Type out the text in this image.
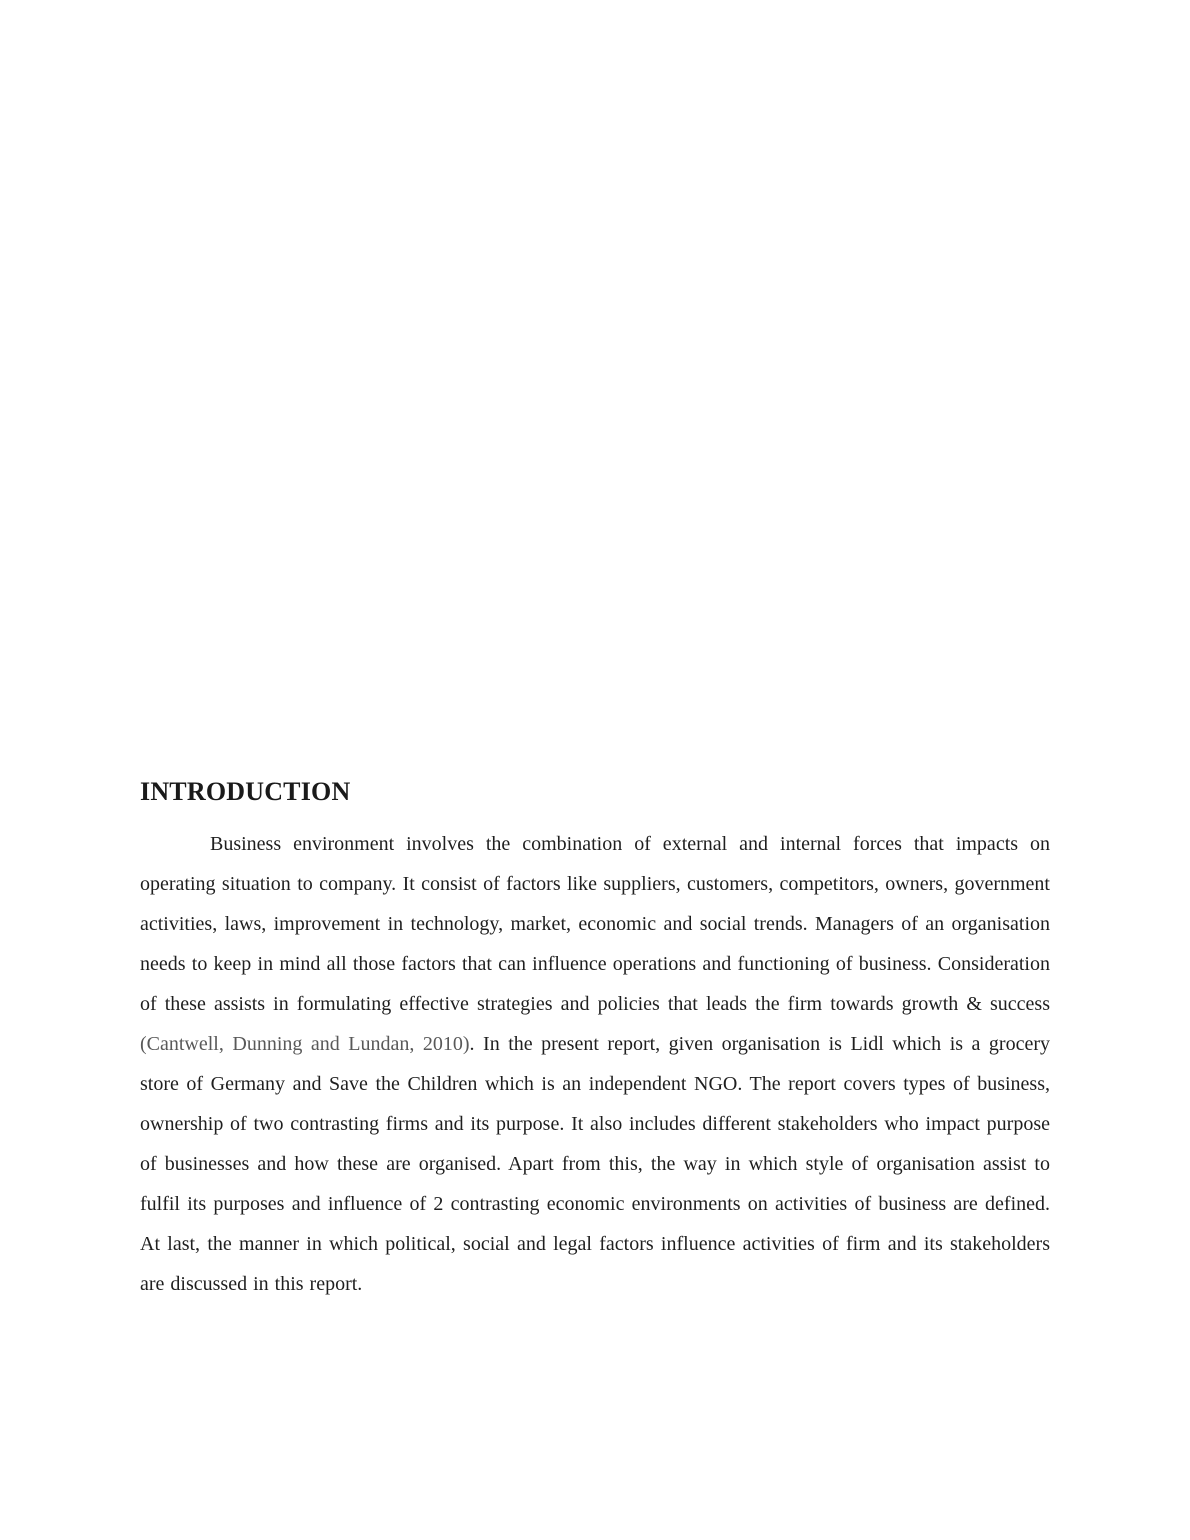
INTRODUCTION

Business environment involves the combination of external and internal forces that impacts on operating situation to company. It consist of factors like suppliers, customers, competitors, owners, government activities, laws, improvement in technology, market, economic and social trends. Managers of an organisation needs to keep in mind all those factors that can influence operations and functioning of business. Consideration of these assists in formulating effective strategies and policies that leads the firm towards growth & success (Cantwell, Dunning and Lundan, 2010). In the present report, given organisation is Lidl which is a grocery store of Germany and Save the Children which is an independent NGO. The report covers types of business, ownership of two contrasting firms and its purpose. It also includes different stakeholders who impact purpose of businesses and how these are organised. Apart from this, the way in which style of organisation assist to fulfil its purposes and influence of 2 contrasting economic environments on activities of business are defined. At last, the manner in which political, social and legal factors influence activities of firm and its stakeholders are discussed in this report.
